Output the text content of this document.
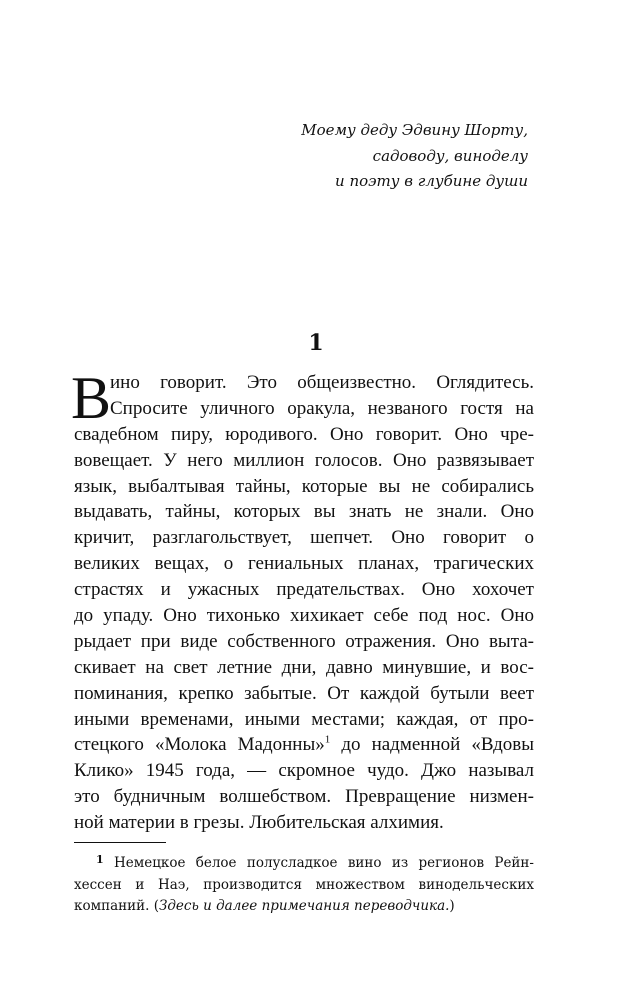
Моему деду Эдвину Шорту,
садоводу, винoделу
и поэту в глубине души
1
В
ино говорит. Это общеизвестно. Оглядитесь.
Спросите уличного оракула, незваного гостя на
свадебном пиру, юродивого. Оно говорит. Оно чре-
вовещает. У него миллион голосов. Оно развязывает
язык, выбалтывая тайны, которые вы не собирались
выдавать, тайны, которых вы знать не знали. Оно
кричит, разглагольствует, шепчет. Оно говорит о
великих вещах, о гениальных планах, трагических
страстях и ужасных предательствах. Оно хохочет
до упаду. Оно тихонько хихикает себе под нос. Оно
рыдает при виде собственного отражения. Оно выта-
скивает на свет летние дни, давно минувшие, и вос-
поминания, крепко забытые. От каждой бутыли веет
иными временами, иными местами; каждая, от про-
стецкого «Молока Мадонны»$^1$ до надменной «Вдовы
Клико» 1945 года, — скромное чудо. Джо называл
это будничным волшебством. Превращение низмен-
ной материи в грезы. Любительская алхимия.
$^1$ Немецкое белое полусладкое вино из регионов Рейн-
хессен и Наэ, производится множеством винодельческих
компаний. (Здесь и далее примечания переводчика.)
